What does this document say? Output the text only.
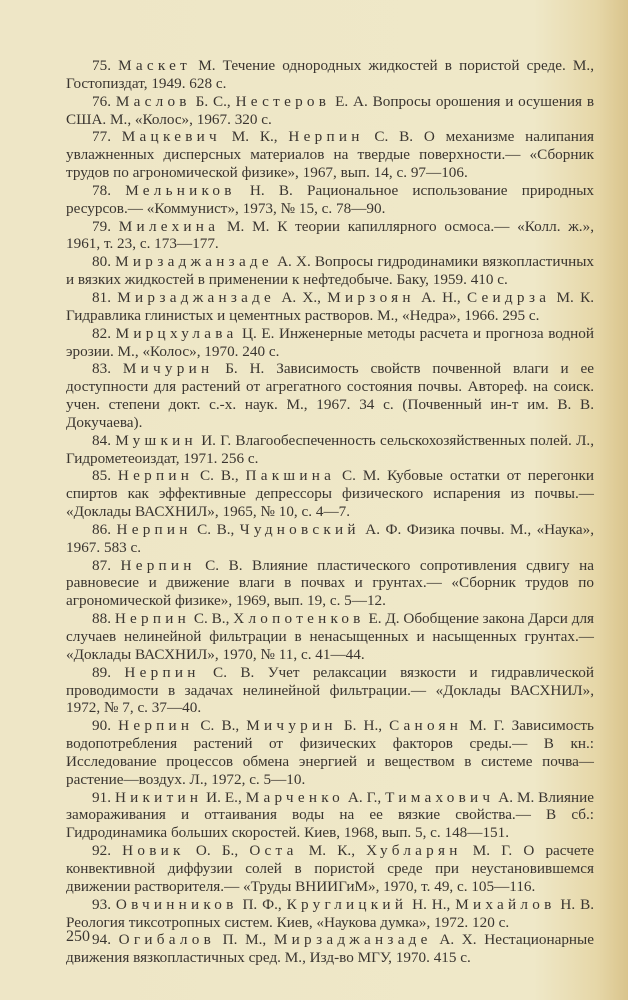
75. Маскет М. Течение однородных жидкостей в пористой среде. М., Гостопиздат, 1949. 628 с.

76. Маслов Б. С., Нестеров Е. А. Вопросы орошения и осушения в США. М., «Колос», 1967. 320 с.

77. Мацкевич М. К., Нерпин С. В. О механизме налипания увлажненных дисперсных материалов на твердые поверхности.— «Сборник трудов по агрономической физике», 1967, вып. 14, с. 97—106.

78. Мельников Н. В. Рациональное использование природных ресурсов.— «Коммунист», 1973, № 15, с. 78—90.

79. Милехина М. М. К теории капиллярного осмоса.— «Колл. ж.», 1961, т. 23, с. 173—177.

80. Мирзаджанзаде А. Х. Вопросы гидродинамики вязкопластичных и вязких жидкостей в применении к нефтедобыче. Баку, 1959. 410 с.

81. Мирзаджанзаде А. Х., Мирзоян А. Н., Сеидрза М. К. Гидравлика глинистых и цементных растворов. М., «Недра», 1966. 295 с.

82. Мирцхулава Ц. Е. Инженерные методы расчета и прогноза водной эрозии. М., «Колос», 1970. 240 с.

83. Мичурин Б. Н. Зависимость свойств почвенной влаги и ее доступности для растений от агрегатного состояния почвы. Автореф. на соиск. учен. степени докт. с.-х. наук. М., 1967. 34 с. (Почвенный ин-т им. В. В. Докучаева).

84. Мушкин И. Г. Влагообеспеченность сельскохозяйственных полей. Л., Гидрометеоиздат, 1971. 256 с.

85. Нерпин С. В., Пакшина С. М. Кубовые остатки от перегонки спиртов как эффективные депрессоры физического испарения из почвы.— «Доклады ВАСХНИЛ», 1965, № 10, с. 4—7.

86. Нерпин С. В., Чудновский А. Ф. Физика почвы. М., «Наука», 1967. 583 с.

87. Нерпин С. В. Влияние пластического сопротивления сдвигу на равновесие и движение влаги в почвах и грунтах.— «Сборник трудов по агрономической физике», 1969, вып. 19, с. 5—12.

88. Нерпин С. В., Хлопотенков Е. Д. Обобщение закона Дарси для случаев нелинейной фильтрации в ненасыщенных и насыщенных грунтах.— «Доклады ВАСХНИЛ», 1970, № 11, с. 41—44.

89. Нерпин С. В. Учет релаксации вязкости и гидравлической проводимости в задачах нелинейной фильтрации.— «Доклады ВАСХНИЛ», 1972, № 7, с. 37—40.

90. Нерпин С. В., Мичурин Б. Н., Саноян М. Г. Зависимость водопотребления растений от физических факторов среды.— В кн.: Исследование процессов обмена энергией и веществом в системе почва—растение—воздух. Л., 1972, с. 5—10.

91. Никитин И. Е., Марченко А. Г., Тимахович А. М. Влияние замораживания и оттаивания воды на ее вязкие свойства.— В сб.: Гидродинамика больших скоростей. Киев, 1968, вып. 5, с. 148—151.

92. Новик О. Б., Оста М. К., Хубларян М. Г. О расчете конвективной диффузии солей в пористой среде при неустановившемся движении растворителя.— «Труды ВНИИГиМ», 1970, т. 49, с. 105—116.

93. Овчинников П. Ф., Круглицкий Н. Н., Михайлов Н. В. Реология тиксотропных систем. Киев, «Наукова думка», 1972. 120 с.

94. Огибалов П. М., Мирзаджанзаде А. Х. Нестационарные движения вязкопластичных сред. М., Изд-во МГУ, 1970. 415 с.

250
